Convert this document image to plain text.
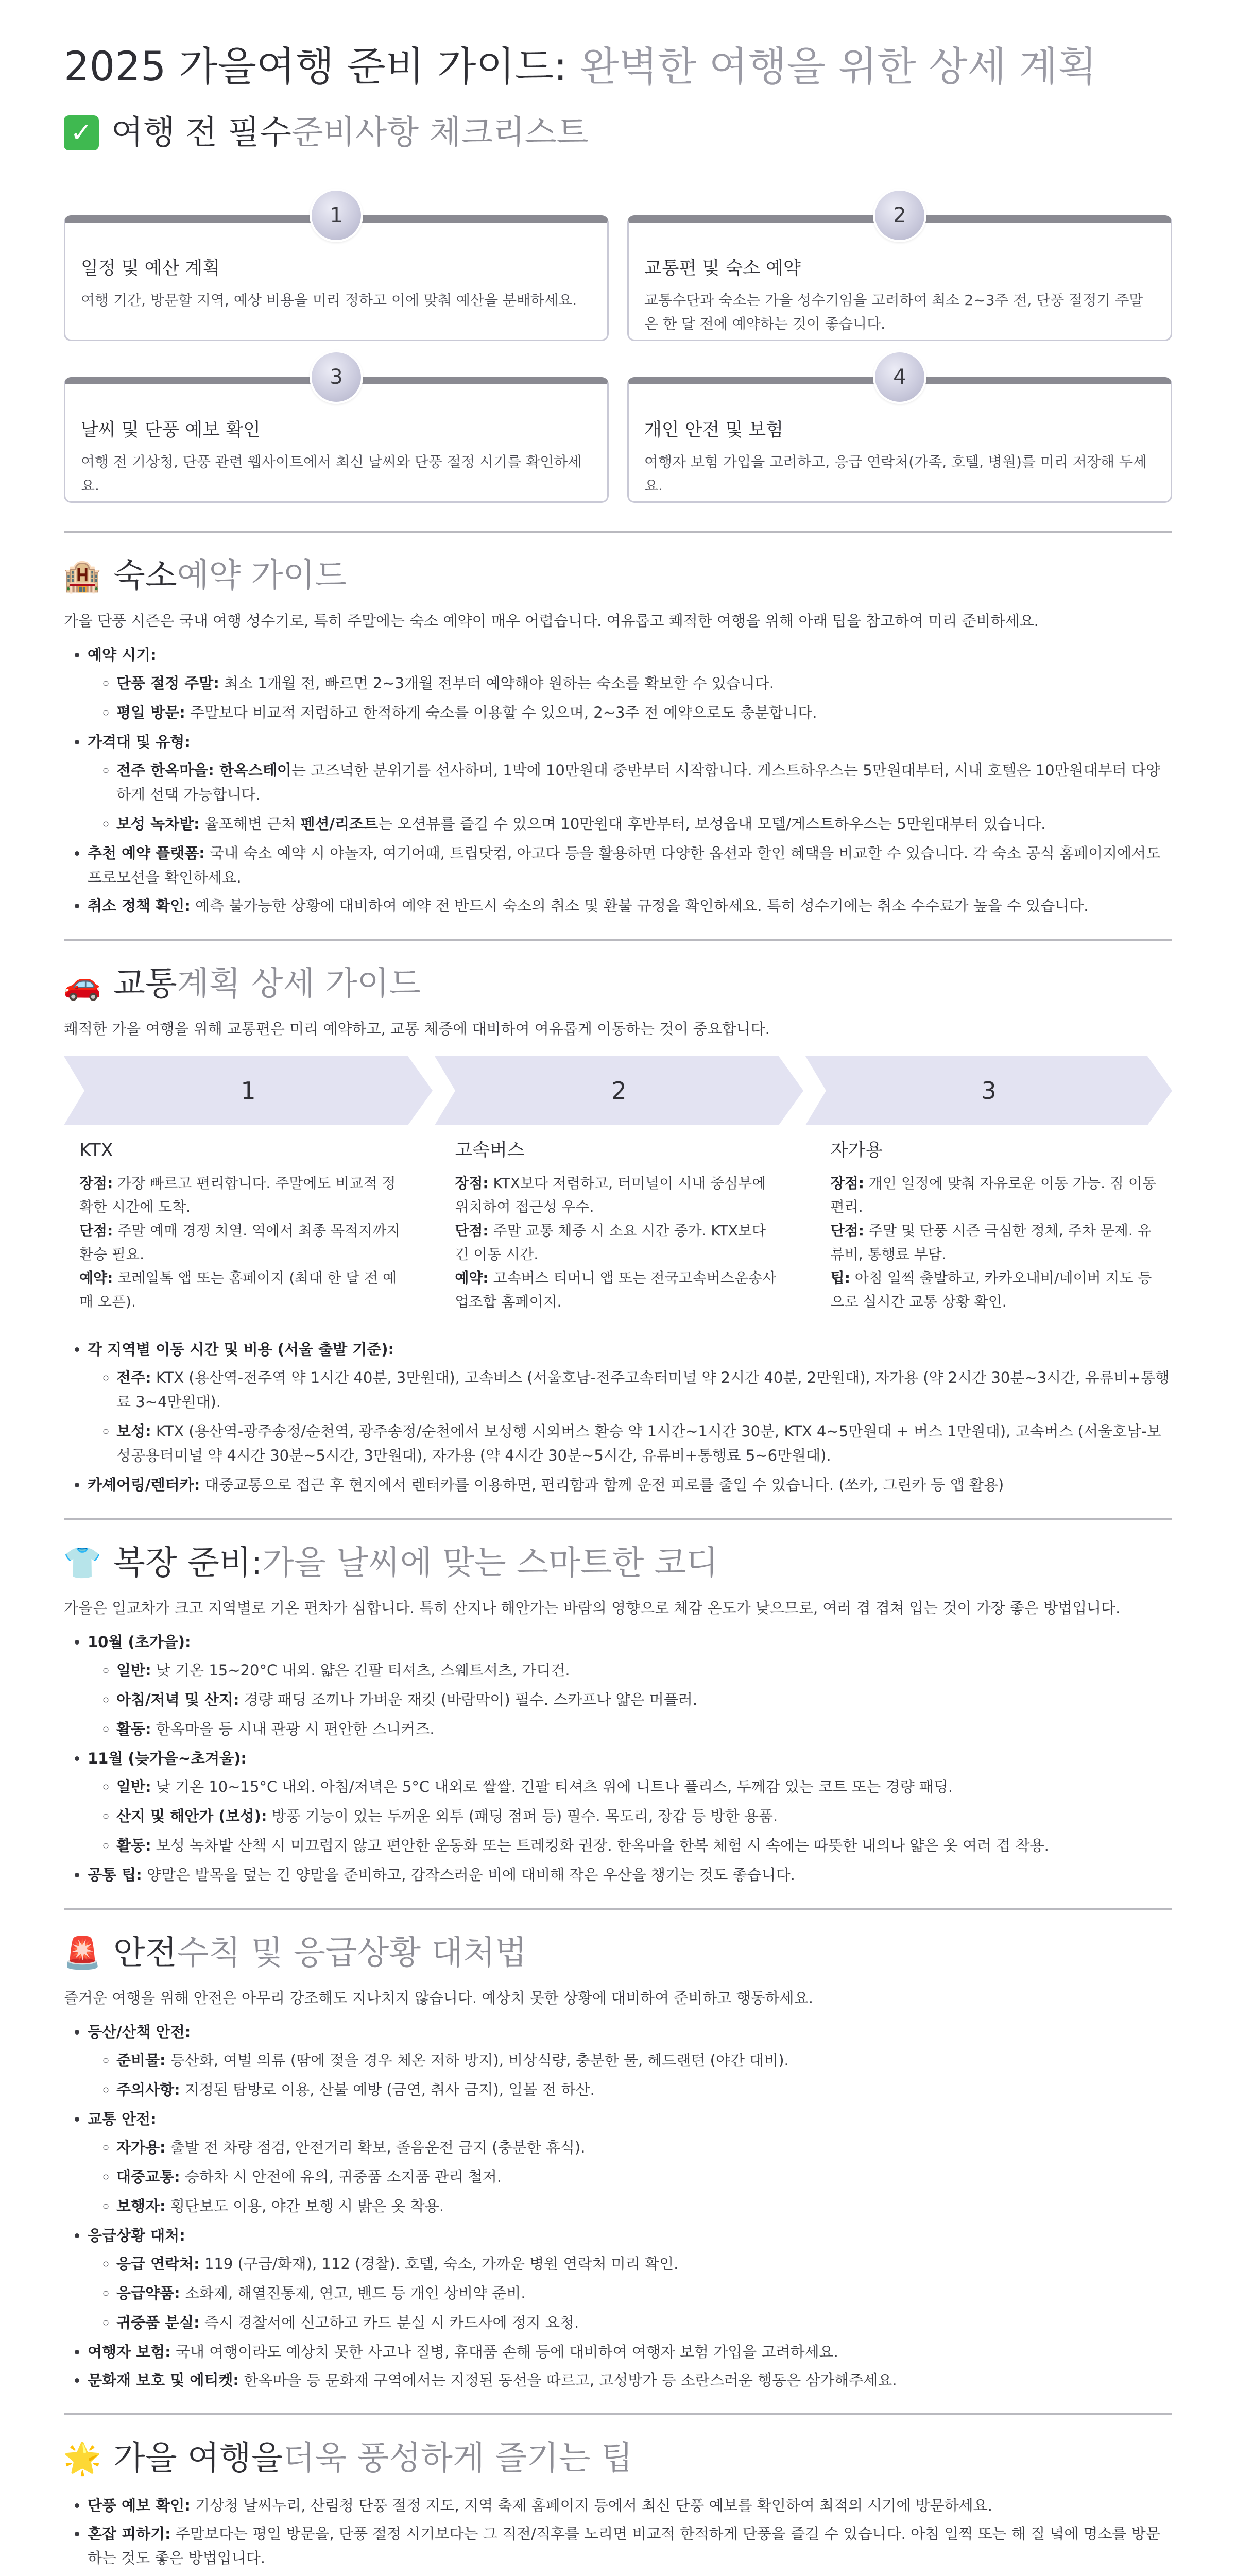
2025 가을여행 준비 가이드: 완벽한 여행을 위한 상세 계획
✓ 여행 전 필수 준비사항 체크리스트
1
일정 및 예산 계획
여행 기간, 방문할 지역, 예상 비용을 미리 정하고 이에 맞춰 예산을 분배하세요.
2
교통편 및 숙소 예약
교통수단과 숙소는 가을 성수기임을 고려하여 최소 2~3주 전, 단풍 절정기 주말은 한 달 전에 예약하는 것이 좋습니다.
3
날씨 및 단풍 예보 확인
여행 전 기상청, 단풍 관련 웹사이트에서 최신 날씨와 단풍 절정 시기를 확인하세요.
4
개인 안전 및 보험
여행자 보험 가입을 고려하고, 응급 연락처(가족, 호텔, 병원)를 미리 저장해 두세요.
🏨 숙소 예약 가이드

가을 단풍 시즌은 국내 여행 성수기로, 특히 주말에는 숙소 예약이 매우 어렵습니다. 여유롭고 쾌적한 여행을 위해 아래 팁을 참고하여 미리 준비하세요.

• 예약 시기:
◦ 단풍 절정 주말: 최소 1개월 전, 빠르면 2~3개월 전부터 예약해야 원하는 숙소를 확보할 수 있습니다.
◦ 평일 방문: 주말보다 비교적 저렴하고 한적하게 숙소를 이용할 수 있으며, 2~3주 전 예약으로도 충분합니다.
• 가격대 및 유형:
◦ 전주 한옥마을: 한옥스테이는 고즈넉한 분위기를 선사하며, 1박에 10만원대 중반부터 시작합니다. 게스트하우스는 5만원대부터, 시내 호텔은 10만원대부터 다양하게 선택 가능합니다.
◦ 보성 녹차밭: 율포해변 근처 펜션/리조트는 오션뷰를 즐길 수 있으며 10만원대 후반부터, 보성읍내 모텔/게스트하우스는 5만원대부터 있습니다.
• 추천 예약 플랫폼: 국내 숙소 예약 시 야놀자, 여기어때, 트립닷컴, 아고다 등을 활용하면 다양한 옵션과 할인 혜택을 비교할 수 있습니다. 각 숙소 공식 홈페이지에서도 프로모션을 확인하세요.
• 취소 정책 확인: 예측 불가능한 상황에 대비하여 예약 전 반드시 숙소의 취소 및 환불 규정을 확인하세요. 특히 성수기에는 취소 수수료가 높을 수 있습니다.
🚗 교통 계획 상세 가이드

쾌적한 가을 여행을 위해 교통편은 미리 예약하고, 교통 체증에 대비하여 여유롭게 이동하는 것이 중요합니다.

1	2	3
KTX
장점: 가장 빠르고 편리합니다. 주말에도 비교적 정확한 시간에 도착.
단점: 주말 예매 경쟁 치열. 역에서 최종 목적지까지 환승 필요.
예약: 코레일톡 앱 또는 홈페이지 (최대 한 달 전 예매 오픈).
고속버스
장점: KTX보다 저렴하고, 터미널이 시내 중심부에 위치하여 접근성 우수.
단점: 주말 교통 체증 시 소요 시간 증가. KTX보다 긴 이동 시간.
예약: 고속버스 티머니 앱 또는 전국고속버스운송사업조합 홈페이지.
자가용
장점: 개인 일정에 맞춰 자유로운 이동 가능. 짐 이동 편리.
단점: 주말 및 단풍 시즌 극심한 정체, 주차 문제. 유류비, 통행료 부담.
팁: 아침 일찍 출발하고, 카카오내비/네이버 지도 등으로 실시간 교통 상황 확인.
• 각 지역별 이동 시간 및 비용 (서울 출발 기준):
◦ 전주: KTX (용산역-전주역 약 1시간 40분, 3만원대), 고속버스 (서울호남-전주고속터미널 약 2시간 40분, 2만원대), 자가용 (약 2시간 30분~3시간, 유류비+통행료 3~4만원대).
◦ 보성: KTX (용산역-광주송정/순천역, 광주송정/순천에서 보성행 시외버스 환승 약 1시간~1시간 30분, KTX 4~5만원대 + 버스 1만원대), 고속버스 (서울호남-보성공용터미널 약 4시간 30분~5시간, 3만원대), 자가용 (약 4시간 30분~5시간, 유류비+통행료 5~6만원대).
• 카셰어링/렌터카: 대중교통으로 접근 후 현지에서 렌터카를 이용하면, 편리함과 함께 운전 피로를 줄일 수 있습니다. (쏘카, 그린카 등 앱 활용)
👕 복장 준비: 가을 날씨에 맞는 스마트한 코디

가을은 일교차가 크고 지역별로 기온 편차가 심합니다. 특히 산지나 해안가는 바람의 영향으로 체감 온도가 낮으므로, 여러 겹 겹쳐 입는 것이 가장 좋은 방법입니다.

• 10월 (초가을):
◦ 일반: 낮 기온 15~20°C 내외. 얇은 긴팔 티셔츠, 스웨트셔츠, 가디건.
◦ 아침/저녁 및 산지: 경량 패딩 조끼나 가벼운 재킷 (바람막이) 필수. 스카프나 얇은 머플러.
◦ 활동: 한옥마을 등 시내 관광 시 편안한 스니커즈.
• 11월 (늦가을~초겨울):
◦ 일반: 낮 기온 10~15°C 내외. 아침/저녁은 5°C 내외로 쌀쌀. 긴팔 티셔츠 위에 니트나 플리스, 두께감 있는 코트 또는 경량 패딩.
◦ 산지 및 해안가 (보성): 방풍 기능이 있는 두꺼운 외투 (패딩 점퍼 등) 필수. 목도리, 장갑 등 방한 용품.
◦ 활동: 보성 녹차밭 산책 시 미끄럽지 않고 편안한 운동화 또는 트레킹화 권장. 한옥마을 한복 체험 시 속에는 따뜻한 내의나 얇은 옷 여러 겹 착용.
• 공통 팁: 양말은 발목을 덮는 긴 양말을 준비하고, 갑작스러운 비에 대비해 작은 우산을 챙기는 것도 좋습니다.
🚨 안전 수칙 및 응급상황 대처법

즐거운 여행을 위해 안전은 아무리 강조해도 지나치지 않습니다. 예상치 못한 상황에 대비하여 준비하고 행동하세요.

• 등산/산책 안전:
◦ 준비물: 등산화, 여벌 의류 (땀에 젖을 경우 체온 저하 방지), 비상식량, 충분한 물, 헤드랜턴 (야간 대비).
◦ 주의사항: 지정된 탐방로 이용, 산불 예방 (금연, 취사 금지), 일몰 전 하산.
• 교통 안전:
◦ 자가용: 출발 전 차량 점검, 안전거리 확보, 졸음운전 금지 (충분한 휴식).
◦ 대중교통: 승하차 시 안전에 유의, 귀중품 소지품 관리 철저.
◦ 보행자: 횡단보도 이용, 야간 보행 시 밝은 옷 착용.
• 응급상황 대처:
◦ 응급 연락처: 119 (구급/화재), 112 (경찰). 호텔, 숙소, 가까운 병원 연락처 미리 확인.
◦ 응급약품: 소화제, 해열진통제, 연고, 밴드 등 개인 상비약 준비.
◦ 귀중품 분실: 즉시 경찰서에 신고하고 카드 분실 시 카드사에 정지 요청.
• 여행자 보험: 국내 여행이라도 예상치 못한 사고나 질병, 휴대품 손해 등에 대비하여 여행자 보험 가입을 고려하세요.
• 문화재 보호 및 에티켓: 한옥마을 등 문화재 구역에서는 지정된 동선을 따르고, 고성방가 등 소란스러운 행동은 삼가해주세요.
🌟 가을 여행을 더욱 풍성하게 즐기는 팁
• 단풍 예보 확인: 기상청 날씨누리, 산림청 단풍 절정 지도, 지역 축제 홈페이지 등에서 최신 단풍 예보를 확인하여 최적의 시기에 방문하세요.
• 혼잡 피하기: 주말보다는 평일 방문을, 단풍 절정 시기보다는 그 직전/직후를 노리면 비교적 한적하게 단풍을 즐길 수 있습니다. 아침 일찍 또는 해 질 녘에 명소를 방문하는 것도 좋은 방법입니다.
•
